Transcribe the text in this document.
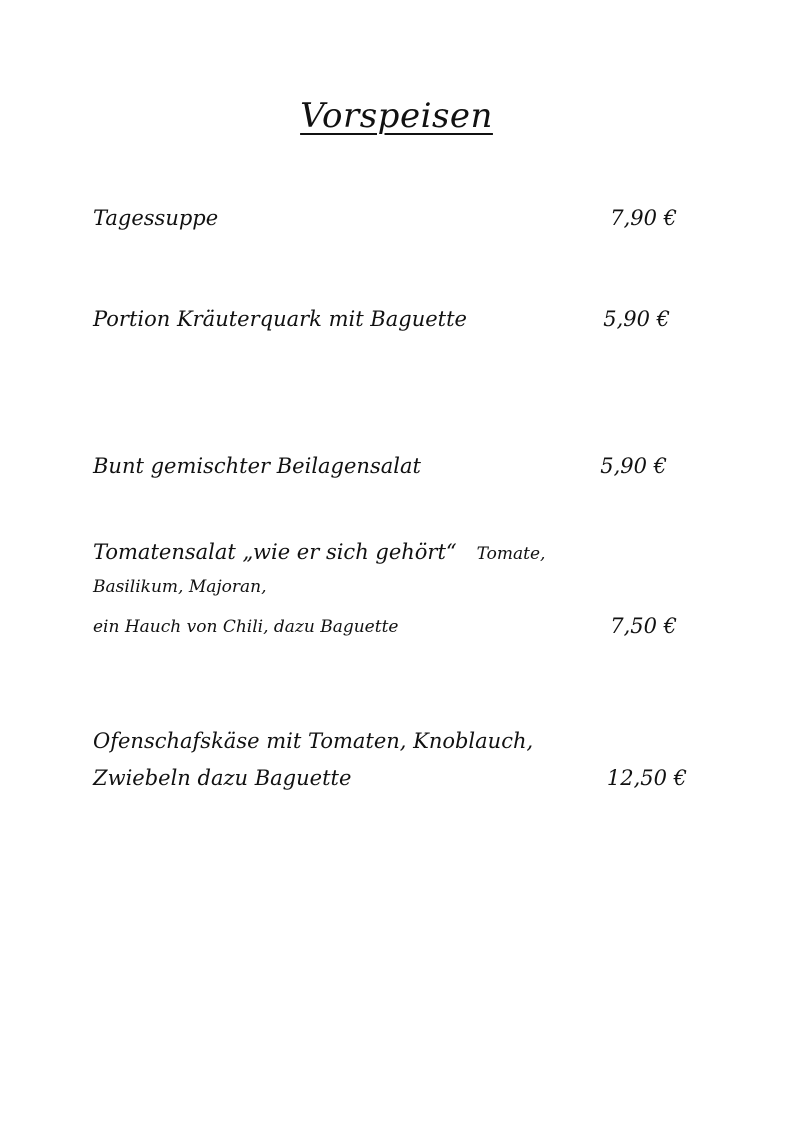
Vorspeisen
Tagessuppe	7,90 €
Portion Kräuterquark mit Baguette	5,90 €
Bunt gemischter Beilagensalat	5,90 €
Tomatensalat „wie er sich gehört“ Tomate,
Basilikum, Majoran,
ein Hauch von Chili, dazu Baguette	7,50 €
Ofenschafskäse mit Tomaten, Knoblauch,
Zwiebeln dazu Baguette	12,50 €
